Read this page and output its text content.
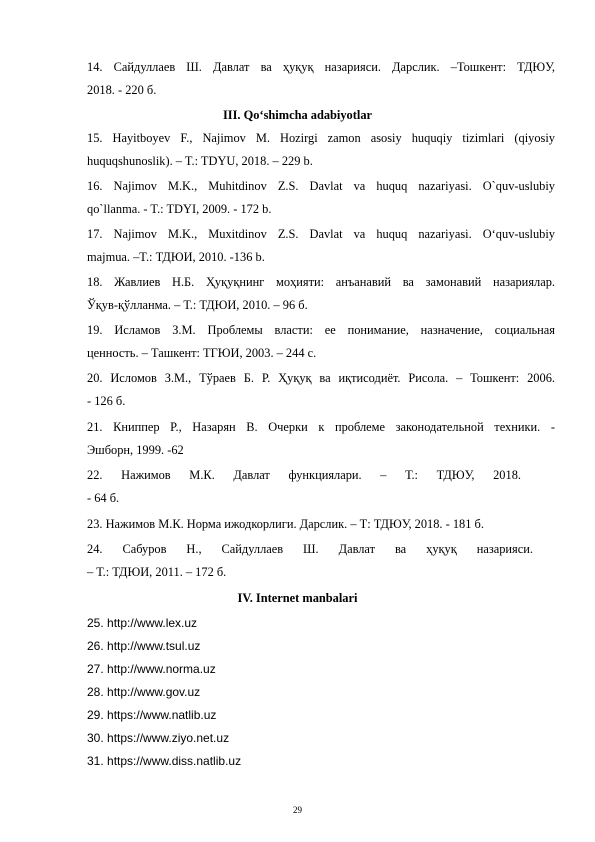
14. Сайдуллаев Ш. Давлат ва ҳуқуқ назарияси. Дарслик. –Тошкент: ТДЮУ,
2018. - 220 б.
III. Qo‘shimcha adabiyotlar
15. Hayitboyev F., Najimov M. Hozirgi zamon asosiy huquqiy tizimlari (qiyosiy
huquqshunoslik). – T.: TDYU, 2018. – 229 b.
16. Najimov M.K., Muhitdinov Z.S. Davlat va huquq nazariyasi. O`quv-uslubiy
qo`llanma. - T.: TDYI, 2009. - 172 b.
17. Najimov M.K., Muxitdinov Z.S. Davlat va huquq nazariyasi. O‘quv-uslubiy
majmua. –T.: ТДЮИ, 2010. -136 b.
18. Жавлиев Н.Б. Ҳуқуқнинг моҳияти: анъанавий ва замонавий назариялар.
Ўқув-қўлланма. – Т.: ТДЮИ, 2010. – 96 б.
19. Исламов З.М. Проблемы власти: ее понимание, назначение, социальная
ценность. – Ташкент: ТГЮИ, 2003. – 244 с.
20. Исломов З.М., Тўраев Б. Р. Ҳуқуқ ва иқтисодиёт. Рисола. – Тошкент: 2006.
- 126 б.
21. Книппер Р., Назарян В. Очерки к проблеме законодательной техники. -
Эшборн, 1999. -62
22. Нажимов М.К. Давлат функциялари. – Т.: ТДЮУ, 2018.
- 64 б.
23. Нажимов М.К. Норма ижодкорлиги. Дарслик. – Т: ТДЮУ, 2018. - 181 б.
24. Сабуров Н., Сайдуллаев Ш. Давлат ва ҳуқуқ назарияси.
– Т.: ТДЮИ, 2011. – 172 б.
IV. Internet manbalari
25. http://www.lex.uz
26. http://www.tsul.uz
27. http://www.norma.uz
28. http://www.gov.uz
29. https://www.natlib.uz
30. https://www.ziyo.net.uz
31. https://www.diss.natlib.uz
29
